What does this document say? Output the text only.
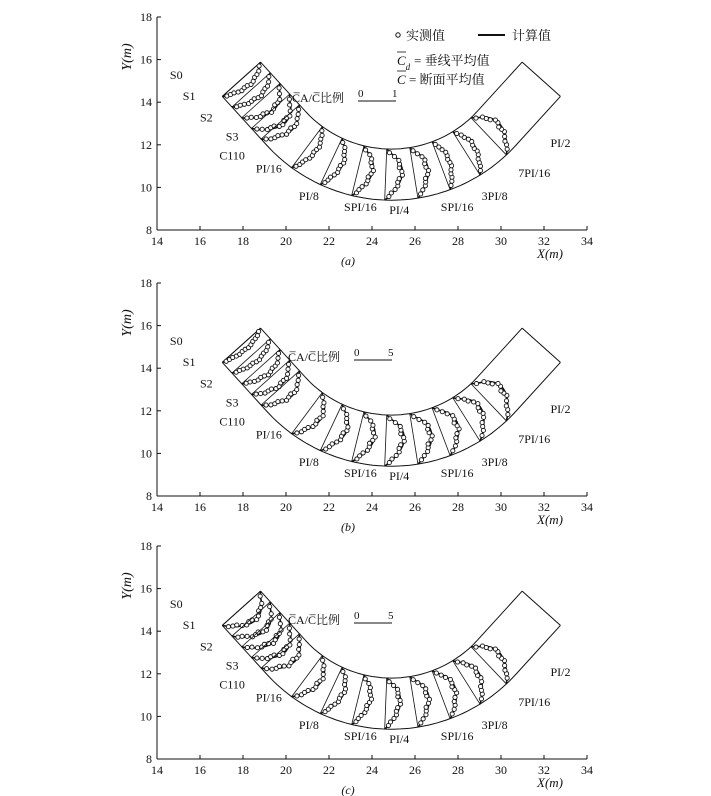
14	16	18	20	22	24	26	28	30	32	34
8
10
12
14
16
18
Y(m)
X(m)
(a)
S0
S1
S2
S3
C110
PI/16
PI/8
SPI/16 PI/4	SPI/16
3PI/8
7PI/16
PI/2
C̅A/C̅比例 0	1
14	16	18	20	22	24	26	28	30	32	34
8
10
12
14
16
18
Y(m)
X(m)
(b)
S0
S1
S2
S3
C110
PI/16
PI/8
SPI/16 PI/4	SPI/16
3PI/8
7PI/16
PI/2
C̅A/C̅比例 0	5
14	16	18	20	22	24	26	28	30	32	34
8
10
12
14
16
18
Y(m)
X(m)
(c)
S0
S1
S2
S3
C110
PI/16
PI/8
SPI/16 PI/4	SPI/16
3PI/8
7PI/16
PI/2
C̅A/C̅比例 0	5
实测值	计算值
$C_d$ = 垂线平均值
C = 断面平均值
